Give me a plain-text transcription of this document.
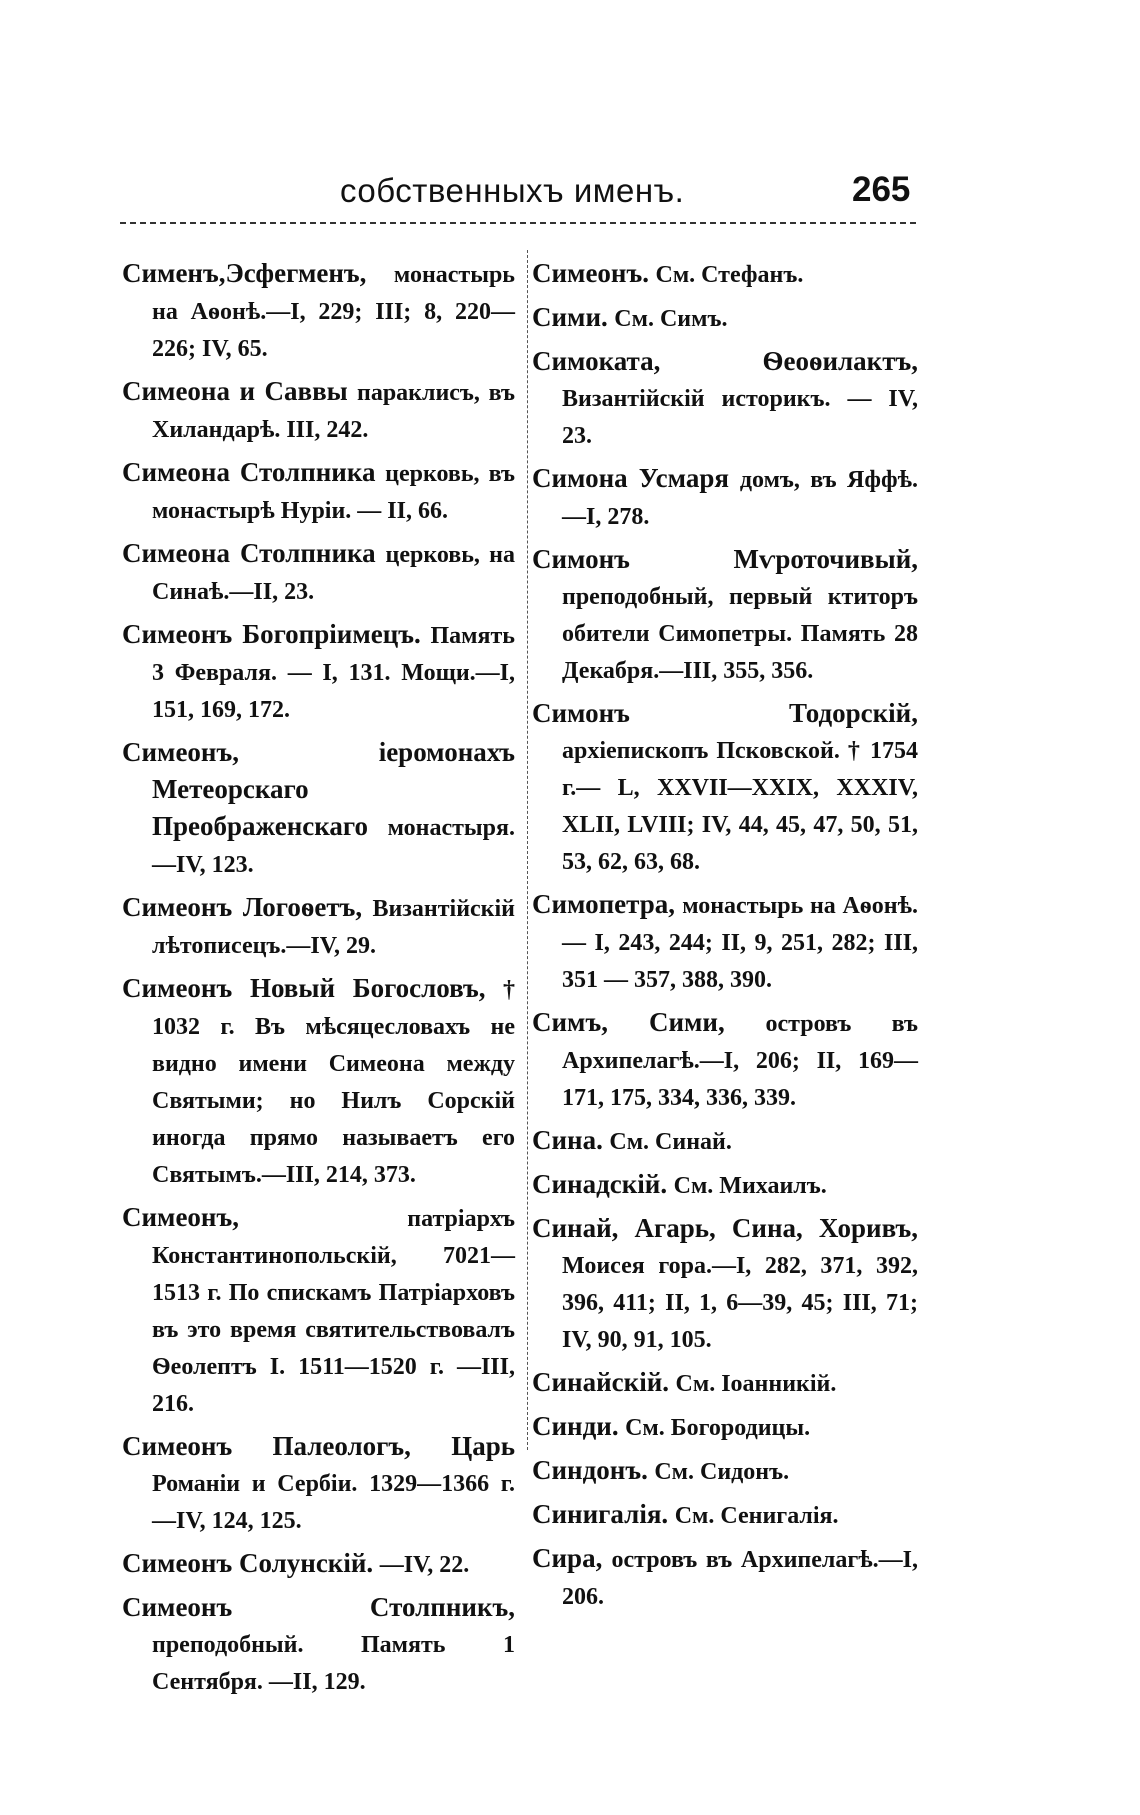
собственныхъ именъ.	265

Сименъ,Эсфегменъ, монастырь на Аѳонѣ.—I, 229; III; 8, 220—226; IV, 65.

Симеона и Саввы параклисъ, въ Хиландарѣ. III, 242.

Симеона Столпника церковь, въ монастырѣ Нуріи. — II, 66.

Симеона Столпника церковь, на Синаѣ.—II, 23.

Симеонъ Богопріимецъ. Память 3 Февраля. — I, 131. Мощи.—I, 151, 169, 172.

Симеонъ, іеромонахъ Метеорскаго Преображенскаго монастыря.—IV, 123.

Симеонъ Логоѳетъ, Византійскій лѣтописецъ.—IV, 29.

Симеонъ Новый Богословъ, † 1032 г. Въ мѣсяцесловахъ не видно имени Симеона между Святыми; но Нилъ Сорскій иногда прямо называетъ его Святымъ.—III, 214, 373.

Симеонъ,	патріархъ Константинопольскій, 7021—1513 г. По спискамъ Патріарховъ въ это время святительствовалъ Ѳеолептъ I. 1511—1520 г. —III, 216.

Симеонъ Палеологъ, Царь Романіи и Сербіи. 1329—1366 г.—IV, 124, 125.

Симеонъ Солунскій. —IV, 22.

Симеонъ Столпникъ, преподобный. Память 1 Сентября. —II, 129.

Симеонъ. См. Стефанъ.

Сими. См. Симъ.

Симоката, Ѳеоѳилактъ, Византійскій историкъ. — IV, 23.

Симона Усмаря домъ, въ Яффѣ.—I, 278.

Симонъ Мѵроточивый, преподобный, первый ктиторъ обители Симопетры. Память 28 Декабря.—III, 355, 356.

Симонъ Тодорскій, архіепископъ Псковской. † 1754 г.— L, XXVII—XXIX, XXXIV, XLII, LVIII; IV, 44, 45, 47, 50, 51, 53, 62, 63, 68.

Симопетра, монастырь на Аѳонѣ. — I, 243, 244; II, 9, 251, 282; III, 351 — 357, 388, 390.

Симъ, Сими, островъ въ Архипелагѣ.—I, 206; II, 169—171, 175, 334, 336, 339.

Сина. См. Синай.

Синадскій. См. Михаилъ.

Синай, Агарь, Сина, Хоривъ, Моисея гора.—I, 282, 371, 392, 396, 411; II, 1, 6—39, 45; III, 71; IV, 90, 91, 105.

Синайскій. См. Іоанникій.

Синди. См. Богородицы.

Синдонъ. См. Сидонъ.

Синигалія. См. Сенигалія.

Сира, островъ въ Архипелагѣ.—I, 206.
